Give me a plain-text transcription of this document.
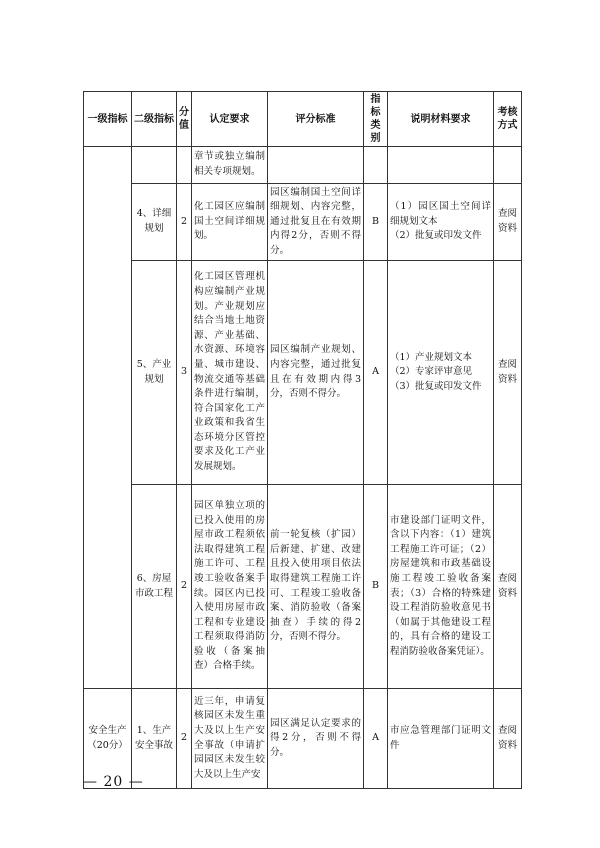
一级指标	二级指标	分值	认定要求	评分标准	指标类别	说明材料要求	考核方式
			章节或独立编制相关专项规划。				
	4、详细规划	2	化工园区应编制国土空间详细规划。	园区编制国土空间详细规划、内容完整，通过批复且在有效期内得2分，否则不得分。	B	（1）园区国土空间详细规划文本
（2）批复或印发文件	查阅资料
	5、产业规划	3	化工园区管理机构应编制产业规划。产业规划应结合当地土地资源、产业基础、水资源、环境容量、城市建设、物流交通等基础条件进行编制，符合国家化工产业政策和我省生态环境分区管控要求及化工产业发展规划。	园区编制产业规划、内容完整，通过批复且在有效期内得3分，否则不得分。	A	（1）产业规划文本
（2）专家评审意见
（3）批复或印发文件	查阅资料
	6、房屋市政工程	2	园区单独立项的已投入使用的房屋市政工程须依法取得建筑工程施工许可、工程竣工验收备案手续。园区内已投入使用房屋市政工程和专业建设工程须取得消防验收（备案抽查）合格手续。	前一轮复核（扩园）后新建、扩建、改建且投入使用项目依法取得建筑工程施工许可、工程竣工验收备案、消防验收（备案抽查）手续的得2分，否则不得分。	B	市建设部门证明文件，含以下内容：（1）建筑工程施工许可证；（2）房屋建筑和市政基础设施工程竣工验收备案表；（3）合格的特殊建设工程消防验收意见书（如属于其他建设工程的，具有合格的建设工程消防验收备案凭证）。	查阅资料
安全生产（20分）	1、生产安全事故	2	近三年，申请复核园区未发生重大及以上生产安全事故（申请扩园园区未发生较大及以上生产安	园区满足认定要求的得2分，否则不得分。	A	市应急管理部门证明文件	查阅资料
— 20 —
